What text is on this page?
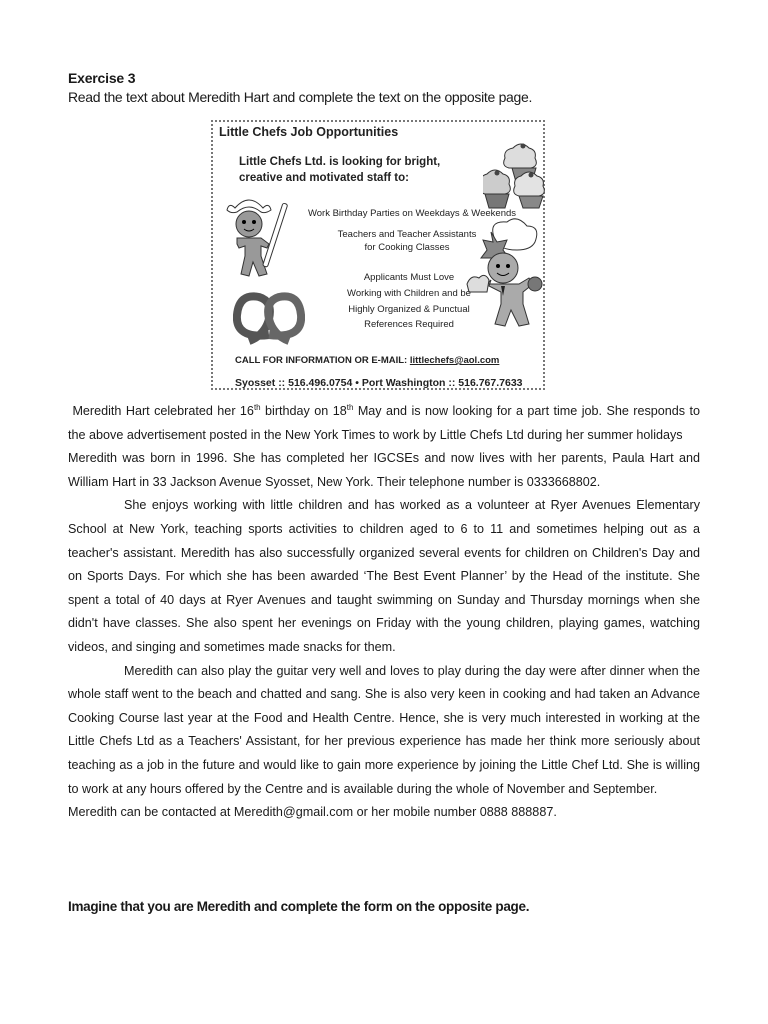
Exercise 3

Read the text about Meredith Hart and complete the text on the opposite page.

Little Chefs Job Opportunities
Little Chefs Ltd. is looking for bright,
creative and motivated staff to:
Work Birthday Parties on Weekdays & Weekends
Teachers and Teacher Assistants
for Cooking Classes
Applicants Must Love
Working with Children and be
Highly Organized & Punctual
References Required
CALL FOR INFORMATION OR E-MAIL: littlechefs@aol.com
Syosset :: 516.496.0754 • Port Washington :: 516.767.7633

Meredith Hart celebrated her 16th birthday on 18th May and is now looking for a part time job. She responds to the above advertisement posted in the New York Times to work by Little Chefs Ltd during her summer holidays

Meredith was born in 1996. She has completed her IGCSEs and now lives with her parents, Paula Hart and William Hart in 33 Jackson Avenue Syosset, New York. Their telephone number is 0333668802.

She enjoys working with little children and has worked as a volunteer at Ryer Avenues Elementary School at New York, teaching sports activities to children aged to 6 to 11 and sometimes helping out as a teacher's assistant. Meredith has also successfully organized several events for children on Children's Day and on Sports Days. For which she has been awarded ‘The Best Event Planner’ by the Head of the institute. She spent a total of 40 days at Ryer Avenues and taught swimming on Sunday and Thursday mornings when she didn't have classes. She also spent her evenings on Friday with the young children, playing games, watching videos, and singing and sometimes made snacks for them.

Meredith can also play the guitar very well and loves to play during the day were after dinner when the whole staff went to the beach and chatted and sang. She is also very keen in cooking and had taken an Advance Cooking Course last year at the Food and Health Centre. Hence, she is very much interested in working at the Little Chefs Ltd as a Teachers' Assistant, for her previous experience has made her think more seriously about teaching as a job in the future and would like to gain more experience by joining the Little Chef Ltd. She is willing to work at any hours offered by the Centre and is available during the whole of November and September.

Meredith can be contacted at Meredith@gmail.com or her mobile number 0888 888887.

Imagine that you are Meredith and complete the form on the opposite page.
